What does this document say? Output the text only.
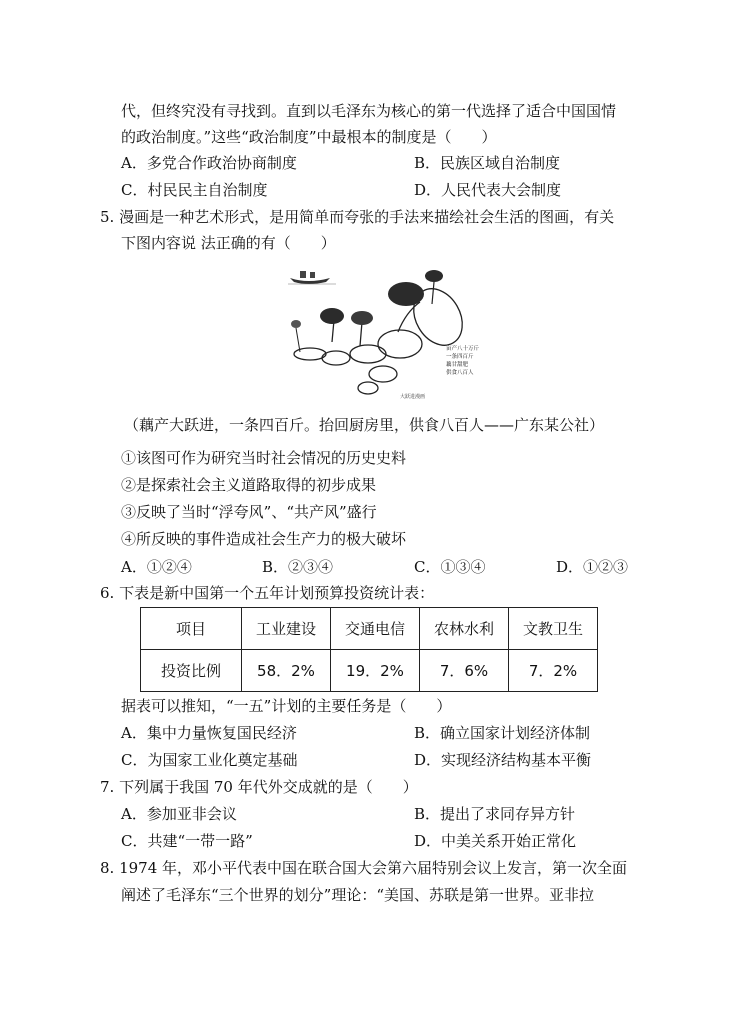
代，但终究没有寻找到。直到以毛泽东为核心的第一代选择了适合中国国情
的政治制度。”这些“政治制度”中最根本的制度是（　　）
A．多党合作政治协商制度	B．民族区域自治制度
C．村民民主自治制度	D．人民代表大会制度
5. 漫画是一种艺术形式，是用简单而夸张的手法来描绘社会生活的图画，有关
下图内容说 法正确的有（　　）
亩产八十万斤
一条四百斤
藕甘甜肥
供食八百人
大跃进漫画
（藕产大跃进，一条四百斤。抬回厨房里，供食八百人——广东某公社）
①该图可作为研究当时社会情况的历史史料
②是探索社会主义道路取得的初步成果
③反映了当时“浮夸风”、“共产风”盛行
④所反映的事件造成社会生产力的极大破坏
A．①②④	B．②③④	C．①③④	D．①②③
6. 下表是新中国第一个五年计划预算投资统计表：
项目	工业建设	交通电信	农林水利	文教卫生
投资比例	58．2%	19．2%	7．6%	7．2%
据表可以推知，“一五”计划的主要任务是（　　）
A．集中力量恢复国民经济	B．确立国家计划经济体制
C．为国家工业化奠定基础	D．实现经济结构基本平衡
7. 下列属于我国 70 年代外交成就的是（　　）
A．参加亚非会议	B．提出了求同存异方针
C．共建“一带一路”	D．中美关系开始正常化
8. 1974 年，邓小平代表中国在联合国大会第六届特别会议上发言，第一次全面
阐述了毛泽东“三个世界的划分”理论：“美国、苏联是第一世界。亚非拉
